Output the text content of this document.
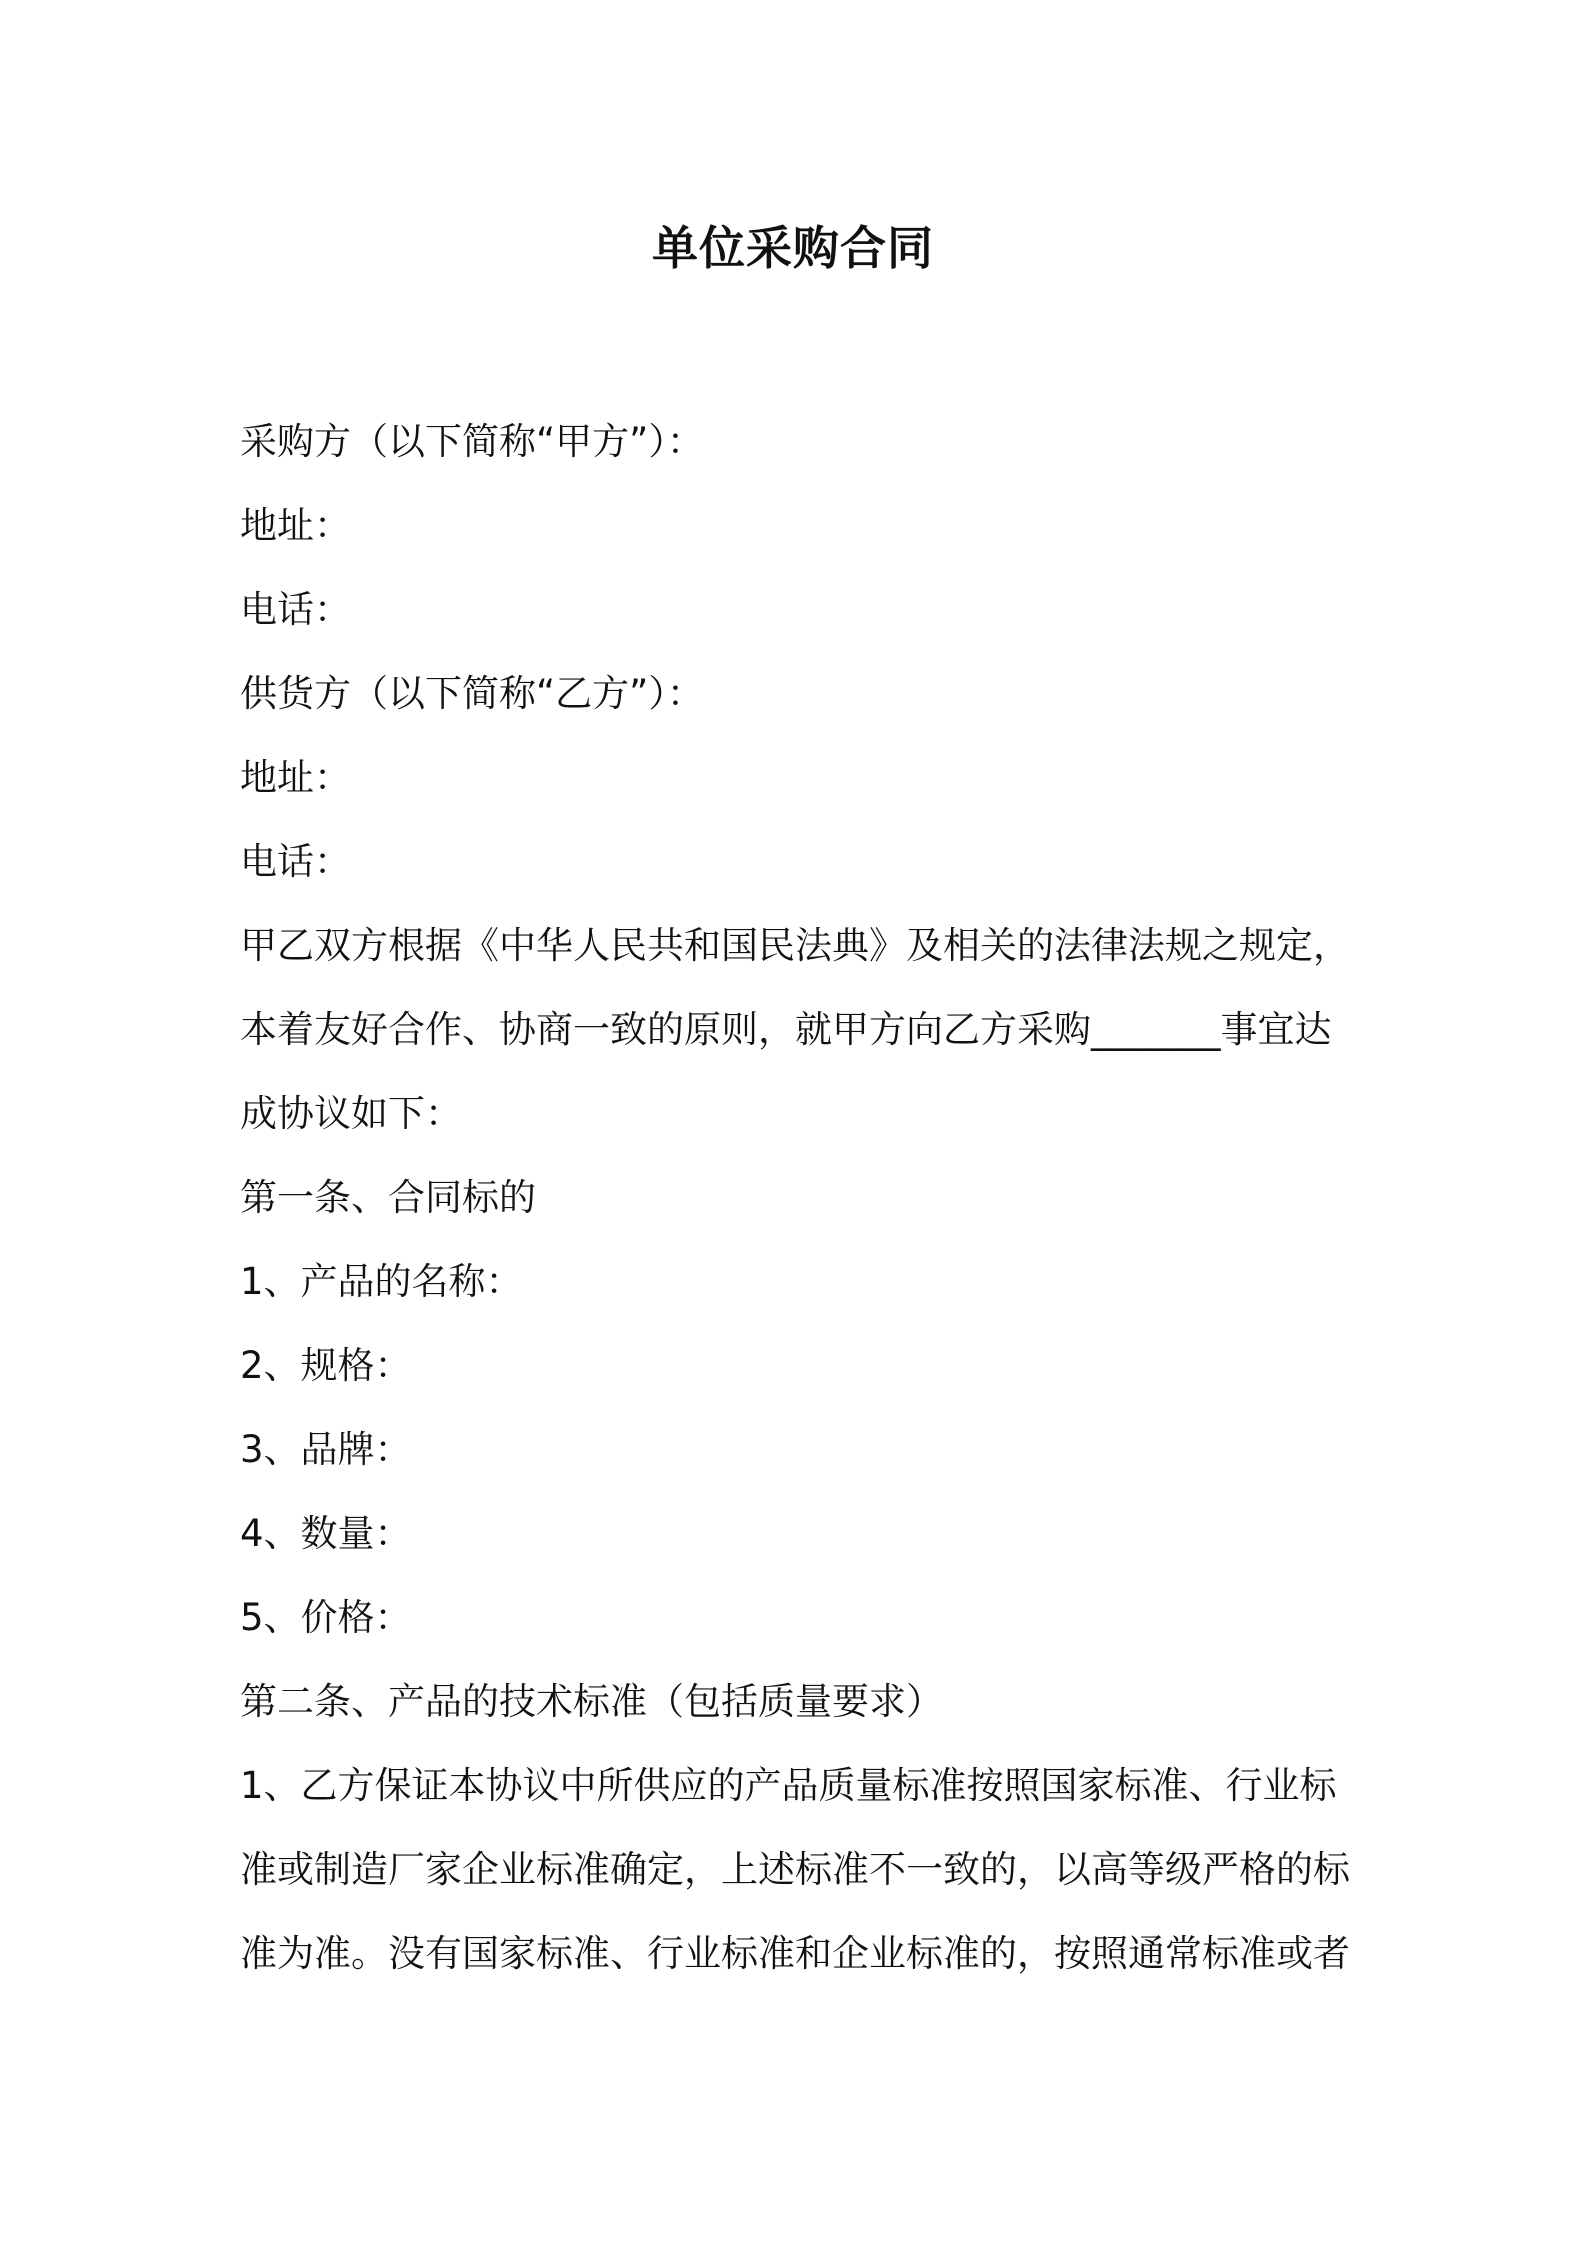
单位采购合同
采购方（以下简称“甲方”）：
地址：
电话：
供货方（以下简称“乙方”）：
地址：
电话：
甲乙双方根据《中华人民共和国民法典》及相关的法律法规之规定，
本着友好合作、协商一致的原则，就甲方向乙方采购_______事宜达
成协议如下：
第一条、合同标的
1、产品的名称：
2、规格：
3、品牌：
4、数量：
5、价格：
第二条、产品的技术标准（包括质量要求）
1、乙方保证本协议中所供应的产品质量标准按照国家标准、行业标
准或制造厂家企业标准确定，上述标准不一致的，以高等级严格的标
准为准。没有国家标准、行业标准和企业标准的，按照通常标准或者
